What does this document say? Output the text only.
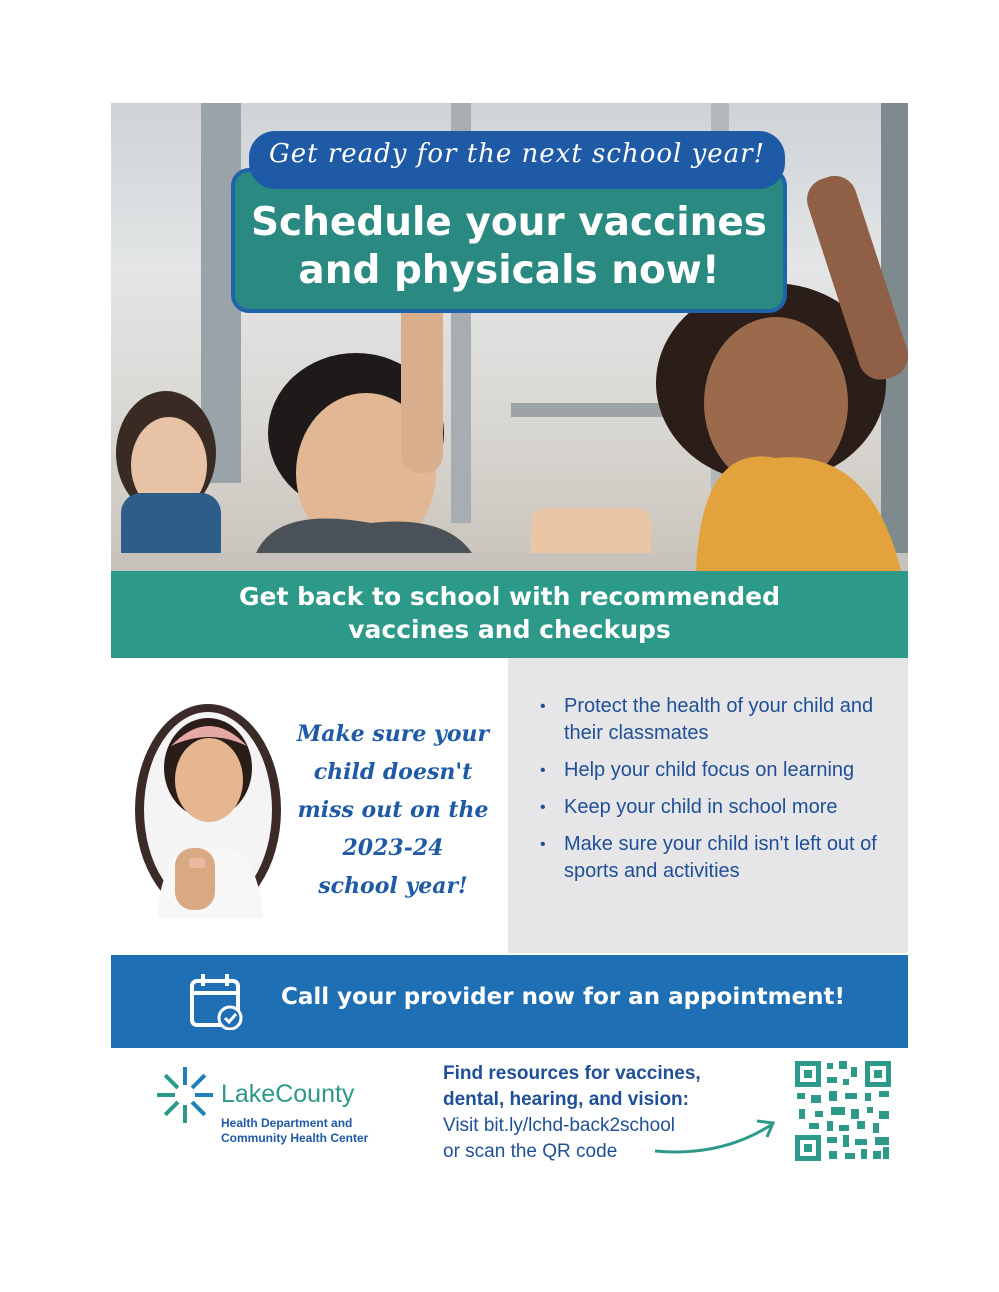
Get ready for the next school year!
Schedule your vaccines
and physicals now!
Get back to school with recommended
vaccines and checkups
Make sure your
child doesn't
miss out on the
2023-24
school year!
• Protect the health of your child and their classmates
• Help your child focus on learning
• Keep your child in school more
• Make sure your child isn't left out of sports and activities
Call your provider now for an appointment!
LakeCounty
Health Department and
Community Health Center
Find resources for vaccines,
dental, hearing, and vision:
Visit bit.ly/lchd-back2school
or scan the QR code
